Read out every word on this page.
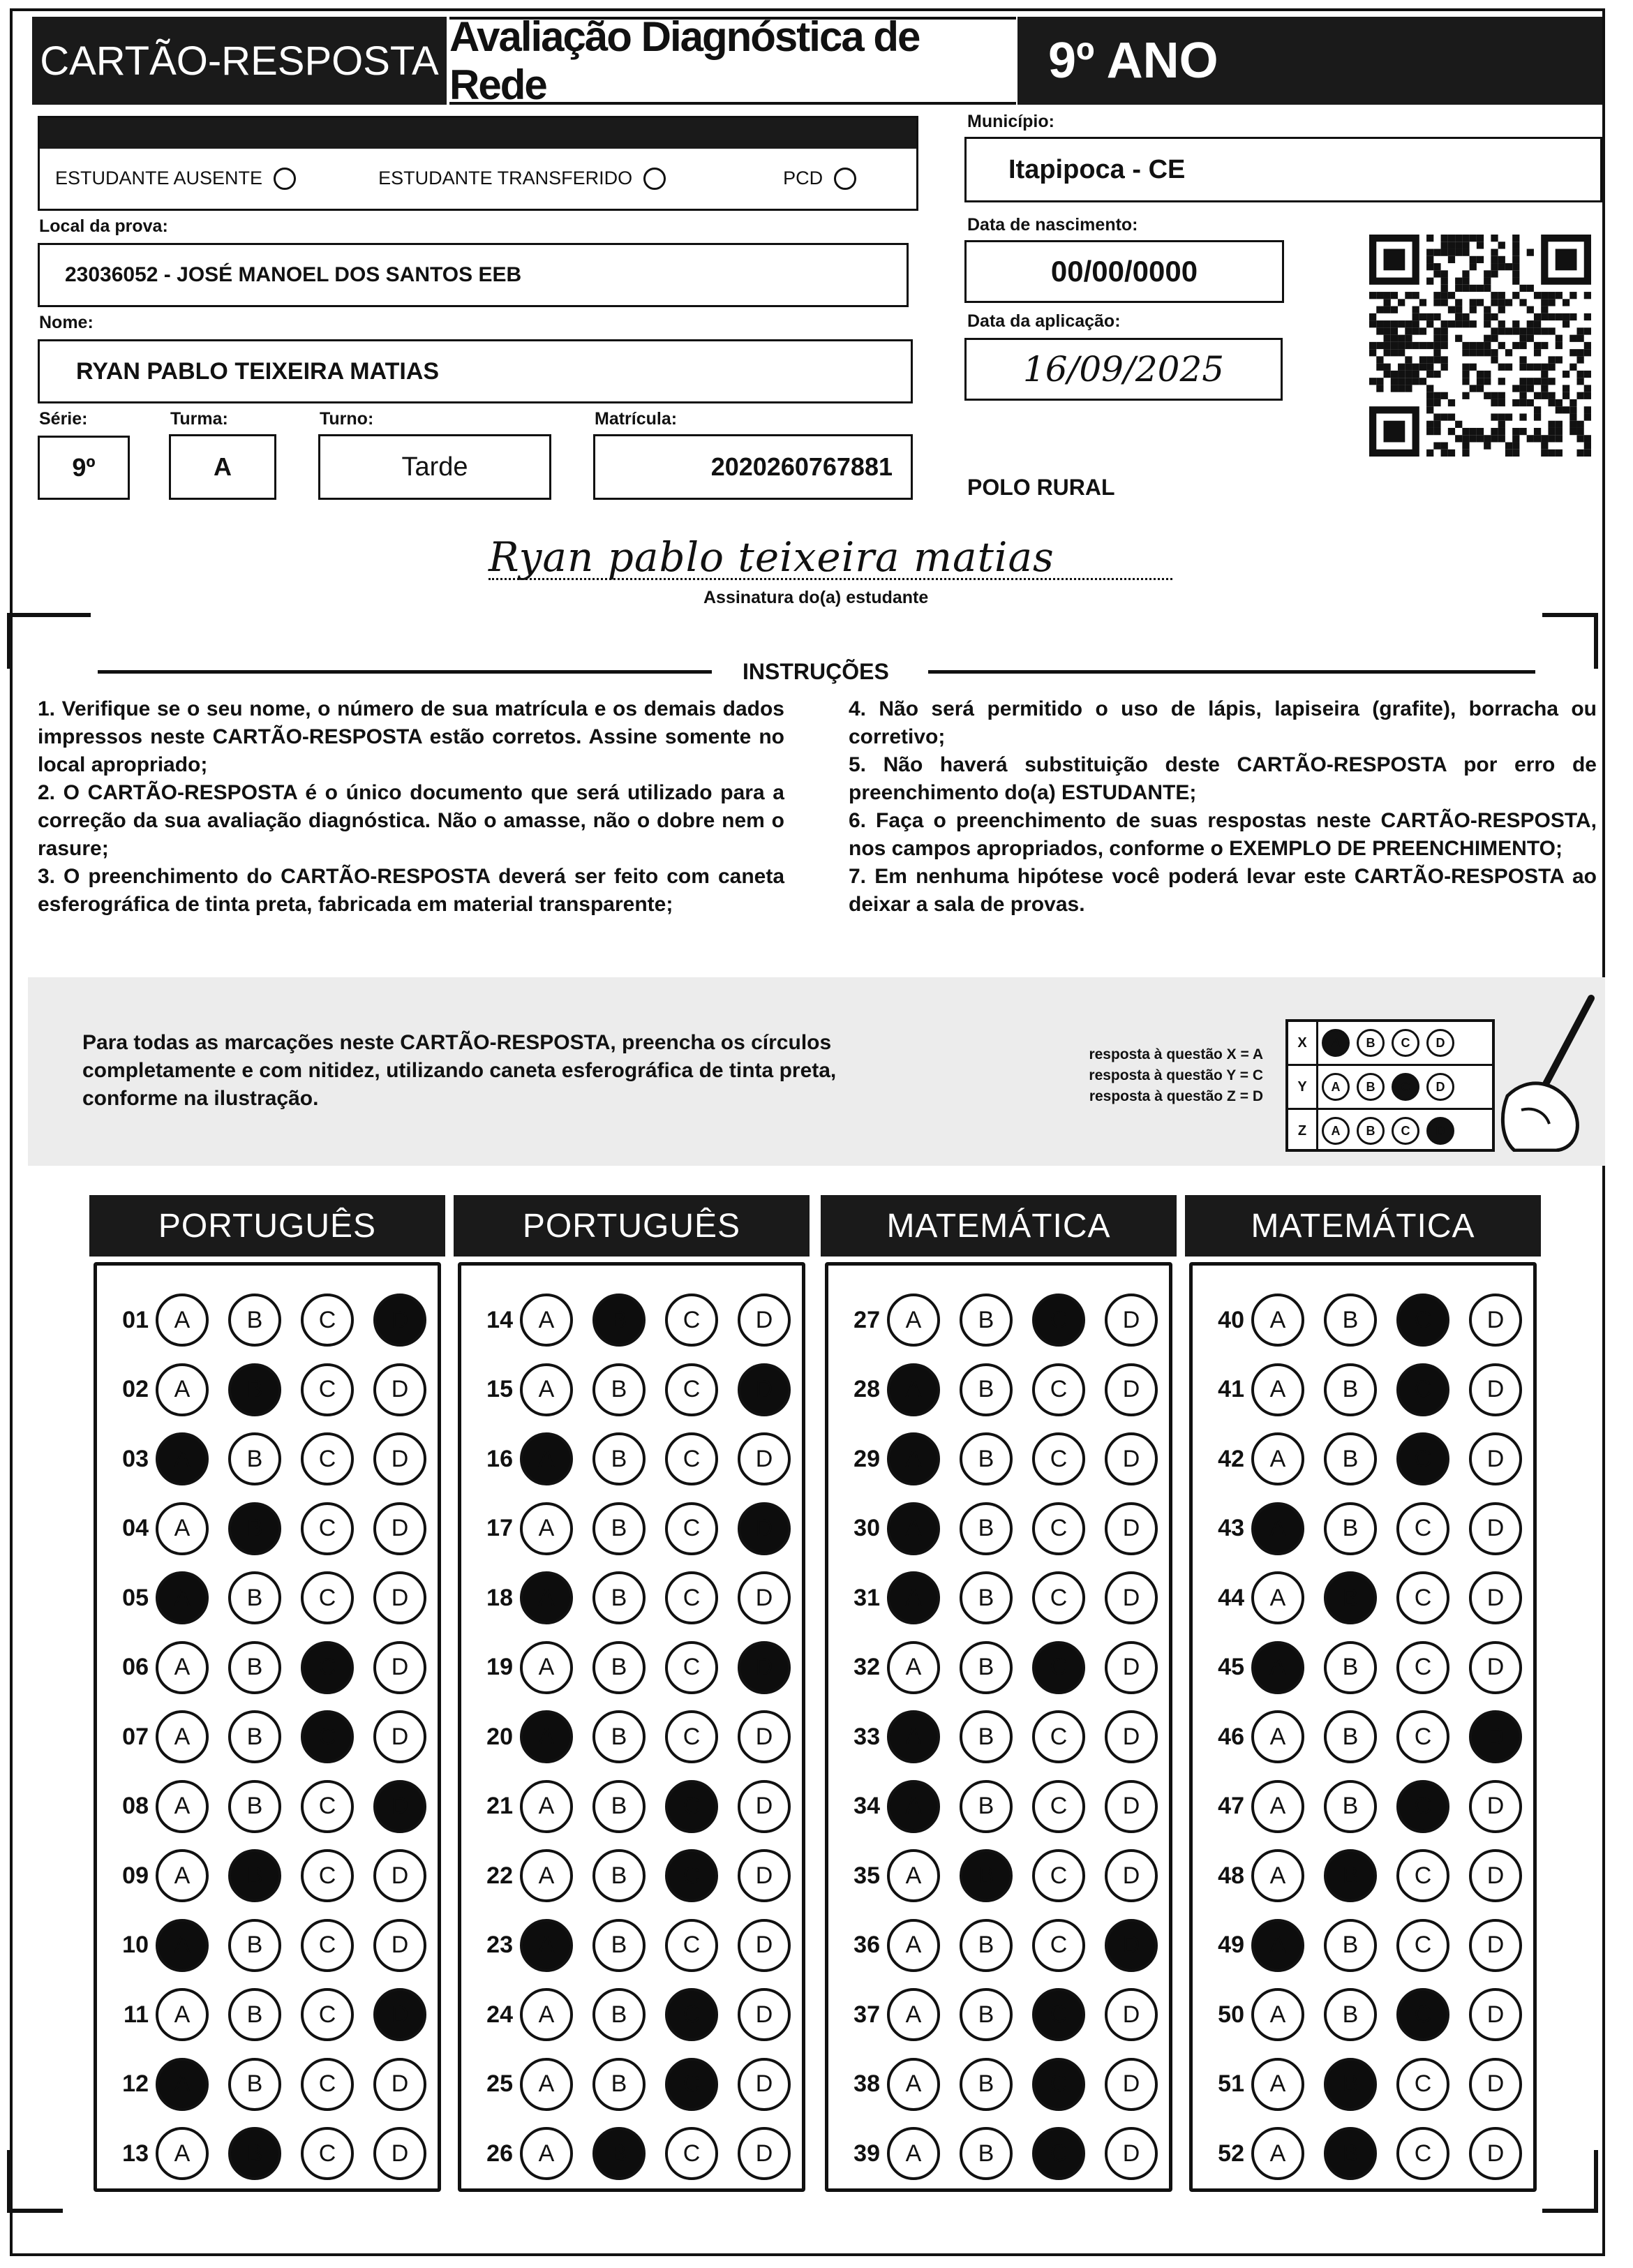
CARTÃO-RESPOSTA
Avaliação Diagnóstica de Rede	9º ANO
ESTUDANTE AUSENTE	ESTUDANTE TRANSFERIDO	PCD
Município:
Itapipoca - CE
Local da prova:
23036052 - JOSÉ MANOEL DOS SANTOS EEB
Data de nascimento:
00/00/0000
Nome:
RYAN PABLO TEIXEIRA MATIAS
Data da aplicação:
16/09/2025
Série:
9º
Turma:
A
Turno:
Tarde
Matrícula:
2020260767881
POLO RURAL
Ryan pablo teixeira matias
Assinatura do(a) estudante
INSTRUÇÕES

1. Verifique se o seu nome, o número de sua matrícula e os demais dados impressos neste CARTÃO-RESPOSTA estão corretos. Assine somente no local apropriado;

2. O CARTÃO-RESPOSTA é o único documento que será utilizado para a correção da sua avaliação diagnóstica. Não o amasse, não o dobre nem o rasure;

3. O preenchimento do CARTÃO-RESPOSTA deverá ser feito com caneta esferográfica de tinta preta, fabricada em material transparente;

4. Não será permitido o uso de lápis, lapiseira (grafite), borracha ou corretivo;

5. Não haverá substituição deste CARTÃO-RESPOSTA por erro de preenchimento do(a) ESTUDANTE;

6. Faça o preenchimento de suas respostas neste CARTÃO-RESPOSTA, nos campos apropriados, conforme o EXEMPLO DE PREENCHIMENTO;

7. Em nenhuma hipótese você poderá levar este CARTÃO-RESPOSTA ao deixar a sala de provas.

Para todas as marcações neste CARTÃO-RESPOSTA, preencha os círculos completamente e com nitidez, utilizando caneta esferográfica de tinta preta, conforme na ilustração.
resposta à questão X = A
resposta à questão Y = C
resposta à questão Z = D
X	A	B	C	D
Y	A	B	C	D
Z	A	B	C	D
PORTUGUÊS
01	A	B	C	D
02	A	B	C	D
03	A	B	C	D
04	A	B	C	D
05	A	B	C	D
06	A	B	C	D
07	A	B	C	D
08	A	B	C	D
09	A	B	C	D
10	A	B	C	D
11	A	B	C	D
12	A	B	C	D
13	A	B	C	D
PORTUGUÊS
14	A	B	C	D
15	A	B	C	D
16	A	B	C	D
17	A	B	C	D
18	A	B	C	D
19	A	B	C	D
20	A	B	C	D
21	A	B	C	D
22	A	B	C	D
23	A	B	C	D
24	A	B	C	D
25	A	B	C	D
26	A	B	C	D
MATEMÁTICA
27	A	B	C	D
28	A	B	C	D
29	A	B	C	D
30	A	B	C	D
31	A	B	C	D
32	A	B	C	D
33	A	B	C	D
34	A	B	C	D
35	A	B	C	D
36	A	B	C	D
37	A	B	C	D
38	A	B	C	D
39	A	B	C	D
MATEMÁTICA
40	A	B	C	D
41	A	B	C	D
42	A	B	C	D
43	A	B	C	D
44	A	B	C	D
45	A	B	C	D
46	A	B	C	D
47	A	B	C	D
48	A	B	C	D
49	A	B	C	D
50	A	B	C	D
51	A	B	C	D
52	A	B	C	D
